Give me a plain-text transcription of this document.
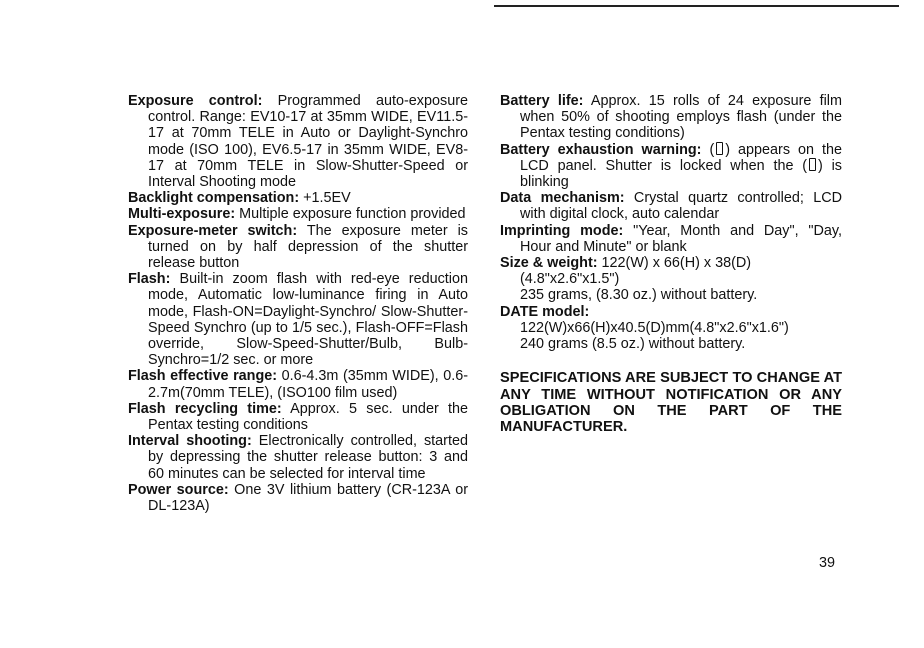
Exposure control: Programmed auto-exposure control. Range: EV10-17 at 35mm WIDE, EV11.5-17 at 70mm TELE in Auto or Daylight-Synchro mode (ISO 100), EV6.5-17 in 35mm WIDE, EV8-17 at 70mm TELE in Slow-Shutter-Speed or Interval Shooting mode

Backlight compensation: +1.5EV

Multi-exposure: Multiple exposure function provided

Exposure-meter switch: The exposure meter is turned on by half depression of the shutter release button

Flash: Built-in zoom flash with red-eye reduction mode, Automatic low-luminance firing in Auto mode, Flash-ON=Daylight-Synchro/ Slow-Shutter-Speed Synchro (up to 1/5 sec.), Flash-OFF=Flash override, Slow-Speed-Shutter/Bulb, Bulb-Synchro=1/2 sec. or more

Flash effective range: 0.6-4.3m (35mm WIDE), 0.6-2.7m(70mm TELE), (ISO100 film used)

Flash recycling time: Approx. 5 sec. under the Pentax testing conditions

Interval shooting: Electronically controlled, started by depressing the shutter release button: 3 and 60 minutes can be selected for interval time

Power source: One 3V lithium battery (CR-123A or DL-123A)

Battery life: Approx. 15 rolls of 24 exposure film when 50% of shooting employs flash (under the Pentax testing conditions)

Battery exhaustion warning: ( ) appears on the LCD panel. Shutter is locked when the ( ) is blinking

Data mechanism: Crystal quartz controlled; LCD with digital clock, auto calendar

Imprinting mode: "Year, Month and Day", "Day, Hour and Minute" or blank

Size & weight: 122(W) x 66(H) x 38(D)
(4.8"x2.6"x1.5")
235 grams, (8.30 oz.) without battery.

DATE model:
122(W)x66(H)x40.5(D)mm(4.8"x2.6"x1.6")
240 grams (8.5 oz.) without battery.

SPECIFICATIONS ARE SUBJECT TO CHANGE AT ANY TIME WITHOUT NOTIFICATION OR ANY OBLIGATION ON THE PART OF THE MANUFACTURER.

39
